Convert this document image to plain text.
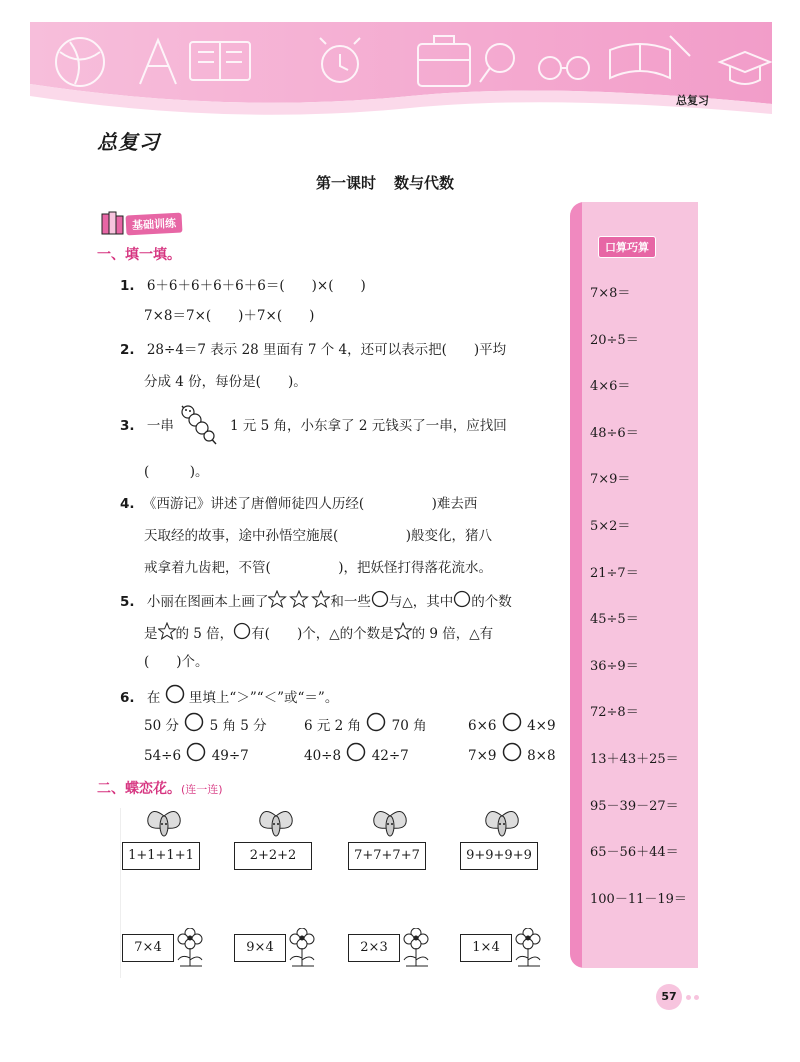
总复习
总复习
第一课时 数与代数
基础训练
一、填一填。
1. 6＋6＋6＋6＋6＋6＝(　　)×(　　)
7×8＝7×(　　)＋7×(　　)
2. 28÷4＝7 表示 28 里面有 7 个 4，还可以表示把(　　)平均
分成 4 份，每份是(　　)。
3. 一串	1 元 5 角，小东拿了 2 元钱买了一串，应找回
(　　　)。
4. 《西游记》讲述了唐僧师徒四人历经(　　　　　)难去西
天取经的故事，途中孙悟空施展(　　　　　)般变化，猪八
戒拿着九齿耙，不管(　　　　　)，把妖怪打得落花流水。
5. 小丽在图画本上画了	和一些 与△，其中 的个数
是 的 5 倍， 有(　　)个，△的个数是 的 9 倍，△有
(　　)个。
6. 在 里填上“＞”“＜”或“＝”。
50 分 5 角 5 分	6 元 2 角 70 角	6×6 4×9
54÷6 49÷7	40÷8 42÷7	7×9 8×8
二、蝶恋花。(连一连)
1+1+1+1	2+2+2	7+7+7+7	9+9+9+9
7×4	9×4	2×3	1×4
口算巧算
7×8＝
20÷5＝
4×6＝
48÷6＝
7×9＝
5×2＝
21÷7＝
45÷5＝
36÷9＝
72÷8＝
13＋43＋25＝
95－39－27＝
65－56＋44＝
100－11－19＝
57
